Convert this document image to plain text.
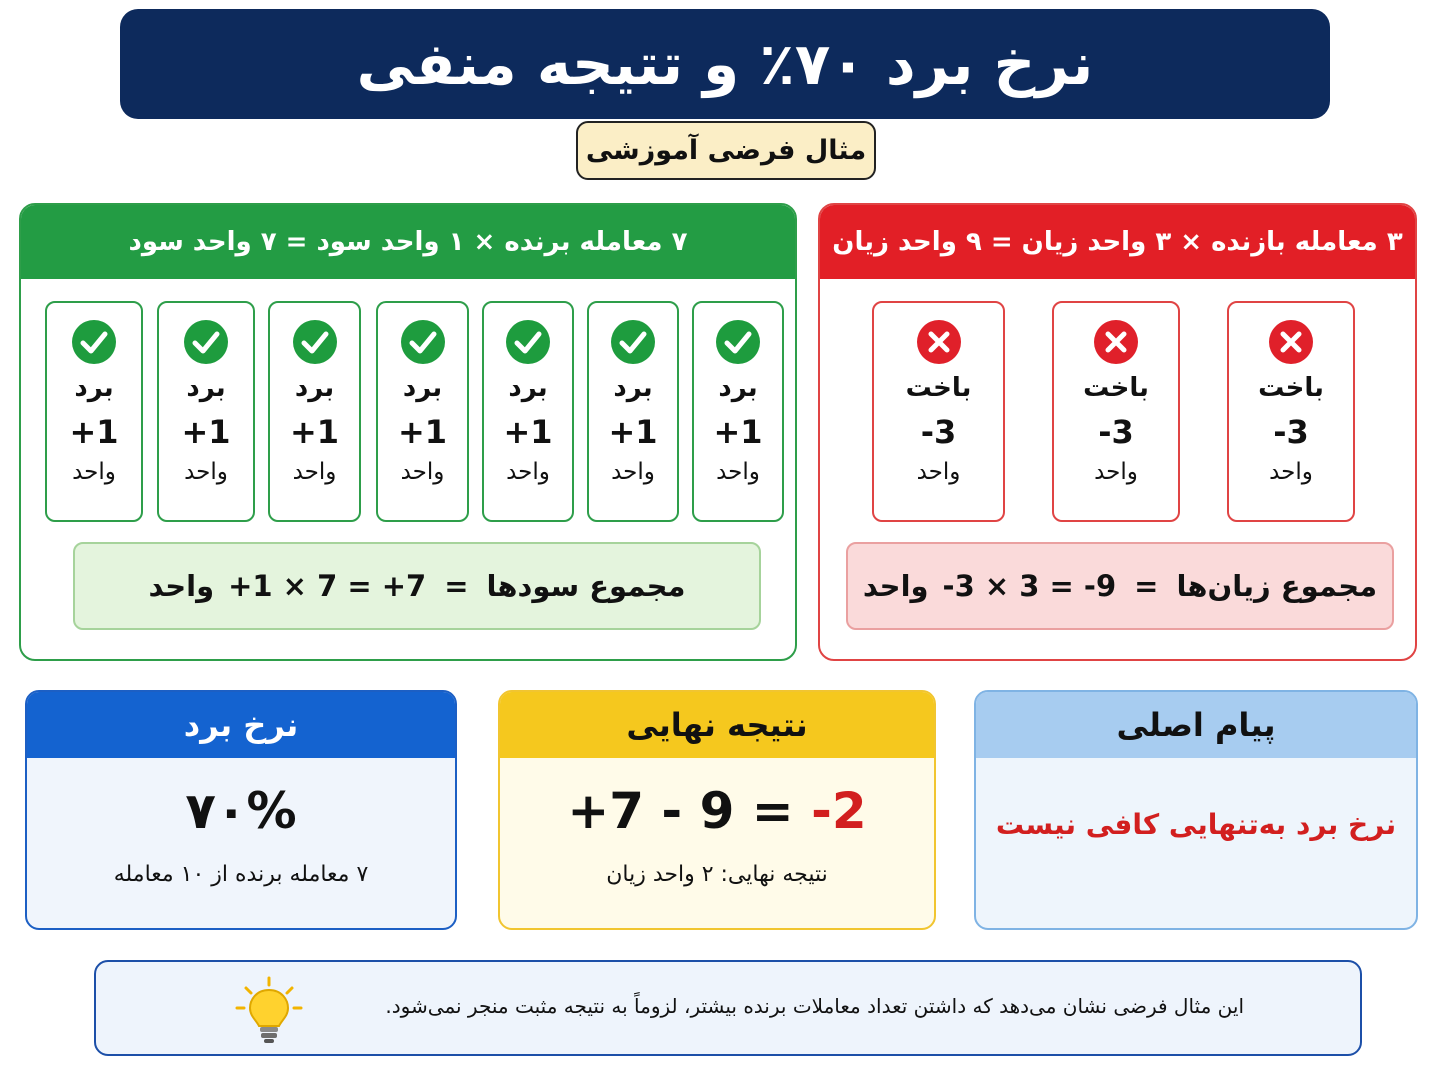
نرخ برد ۷۰٪ و تتیجه منفی
مثال فرضی آموزشی
۷ معامله برنده × ۱ واحد سود = ۷ واحد سود
برد
+1
واحد
برد
+1
واحد
برد
+1
واحد
برد
+1
واحد
برد
+1
واحد
برد
+1
واحد
برد
+1
واحد
واحد +1 × 7 = +7 = مجموع سودها
۳ معامله بازنده × ۳ واحد زیان = ۹ واحد زیان
باخت
-3
واحد
باخت
-3
واحد
باخت
-3
واحد
واحد -3 × 3 = -9 = مجموع زیان‌ها
نرخ برد
۷۰%
۷ معامله برنده از ۱۰ معامله
نتیجه نهایی
+7 - 9 = -2
نتیجه نهایی: ۲ واحد زیان
پیام اصلی
نرخ برد به‌تنهایی کافی نیست
این مثال فرضی نشان می‌دهد که داشتن تعداد معاملات برنده بیشتر، لزوماً به نتیجه مثبت منجر نمی‌شود.
